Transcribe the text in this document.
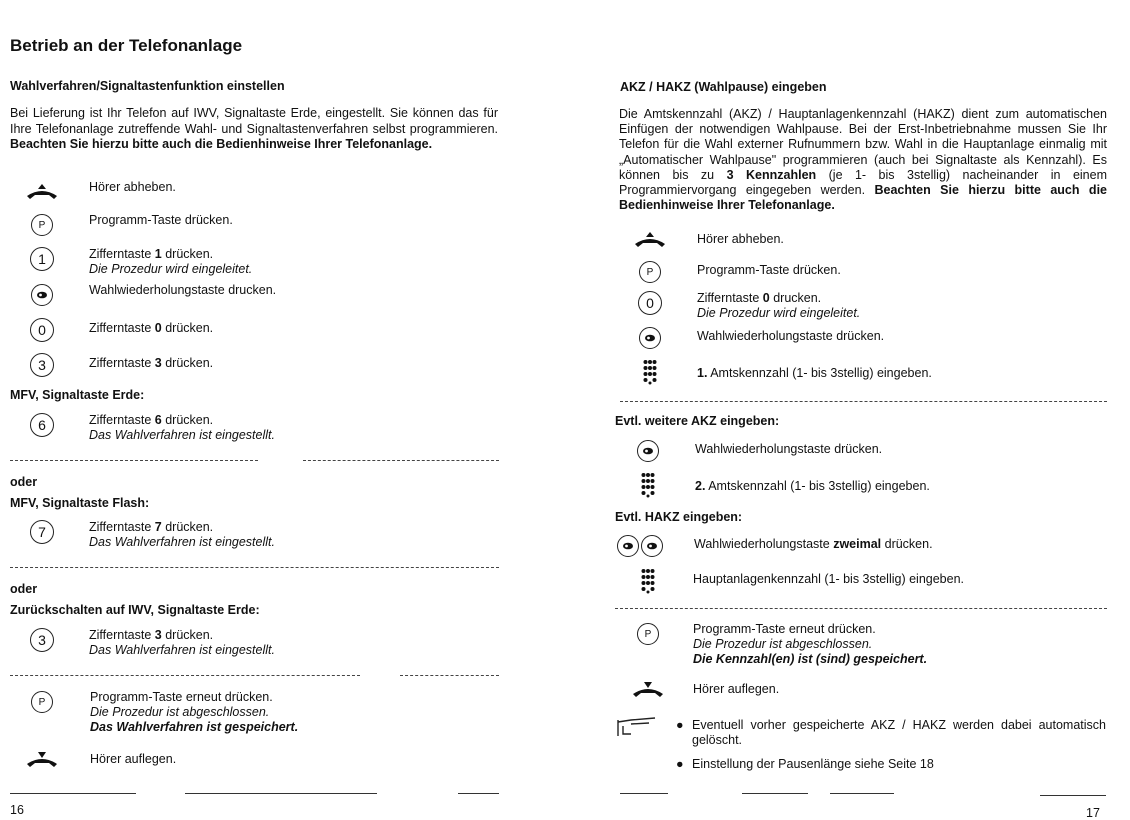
Betrieb an der Telefonanlage
Wahlverfahren/Signaltastenfunktion einstellen
Bei Lieferung ist Ihr Telefon auf IWV, Signaltaste Erde, eingestellt. Sie können das für Ihre Telefonanlage zutreffende Wahl- und Signaltastenverfahren selbst programmieren. Beachten Sie hierzu bitte auch die Bedienhinweise Ihrer Telefonanlage.
Hörer abheben.
P	Programm-Taste drücken.
1	Zifferntaste 1 drücken.
Die Prozedur wird eingeleitet.
Wahlwiederholungstaste drucken.
0	Zifferntaste 0 drücken.
3	Zifferntaste 3 drücken.
MFV, Signaltaste Erde:
6	Zifferntaste 6 drücken.
Das Wahlverfahren ist eingestellt.
oder
MFV, Signaltaste Flash:
7	Zifferntaste 7 drücken.
Das Wahlverfahren ist eingestellt.
oder
Zurückschalten auf IWV, Signaltaste Erde:
3	Zifferntaste 3 drücken.
Das Wahlverfahren ist eingestellt.
P	Programm-Taste erneut drücken.
Die Prozedur ist abgeschlossen.
Das Wahlverfahren ist gespeichert.
Hörer auflegen.
16
AKZ / HAKZ (Wahlpause) eingeben
Die Amtskennzahl (AKZ) / Hauptanlagenkennzahl (HAKZ) dient zum automatischen Einfügen der notwendigen Wahlpause. Bei der Erst-Inbetriebnahme mussen Sie Ihr Telefon für die Wahl externer Rufnummern bzw. Wahl in die Hauptanlage einmalig mit „Automatischer Wahlpause" programmieren (auch bei Signaltaste als Kennzahl). Es können bis zu 3 Kennzahlen (je 1- bis 3stellig) nacheinander in einem Programmiervorgang eingegeben werden. Beachten Sie hierzu bitte auch die Bedienhinweise Ihrer Telefonanlage.
Hörer abheben.
P	Programm-Taste drücken.
0	Zifferntaste 0 drucken.
Die Prozedur wird eingeleitet.
Wahlwiederholungstaste drücken.
1. Amtskennzahl (1- bis 3stellig) eingeben.
Evtl. weitere AKZ eingeben:
Wahlwiederholungstaste drücken.
2. Amtskennzahl (1- bis 3stellig) eingeben.
Evtl. HAKZ eingeben:
Wahlwiederholungstaste zweimal drücken.
Hauptanlagenkennzahl (1- bis 3stellig) eingeben.
P	Programm-Taste erneut drücken.
Die Prozedur ist abgeschlossen.
Die Kennzahl(en) ist (sind) gespeichert.
Hörer auflegen.
● Eventuell vorher gespeicherte AKZ / HAKZ werden dabei automatisch gelöscht.
● Einstellung der Pausenlänge siehe Seite 18
17
